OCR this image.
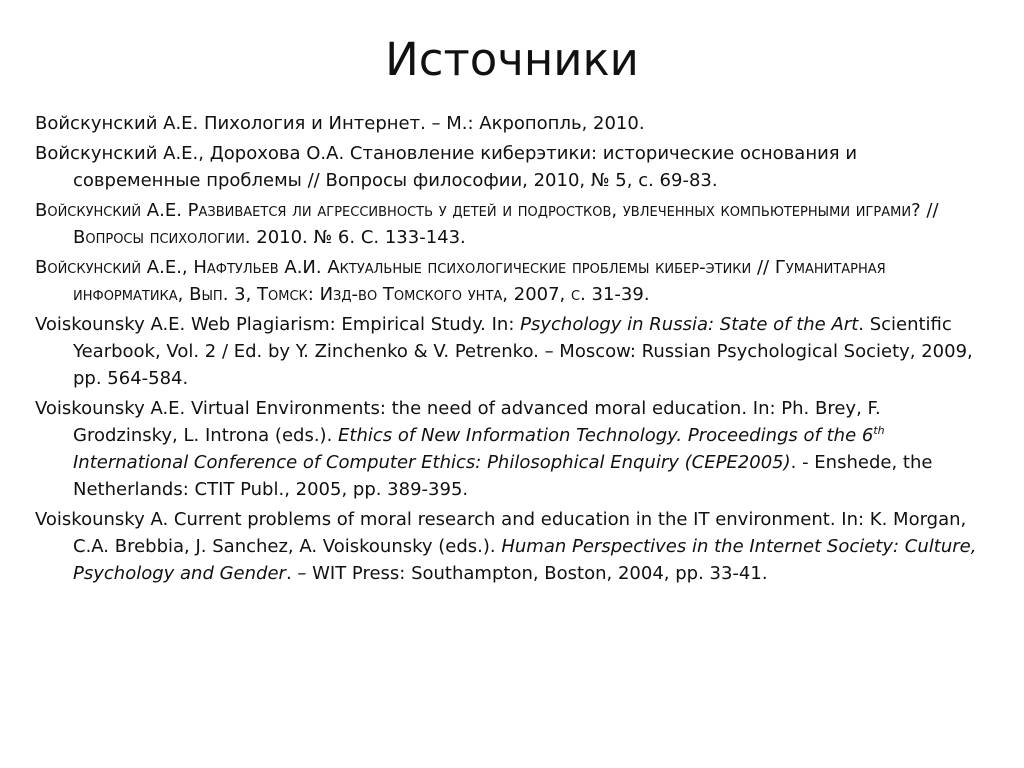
Источники
Войскунский А.Е. Пихология и Интернет. – М.: Акропопль, 2010.
Войскунский А.Е., Дорохова О.А. Становление киберэтики: исторические основания и современные проблемы // Вопросы философии, 2010, № 5, с. 69-83.
Войскунский А.Е. Развивается ли агрессивность у детей и подростков, увлеченных компьютерными играми? // Вопросы психологии. 2010. № 6. С. 133-143.
Войскунский А.Е., Нафтульев А.И. Актуальные психологические проблемы кибер-этики // Гуманитарная информатика, Вып. 3, Томск: Изд-во Томского унта, 2007, с. 31-39.
Voiskounsky A.E. Web Plagiarism: Empirical Study. In: Psychology in Russia: State of the Art. Scientific Yearbook, Vol. 2 / Ed. by Y. Zinchenko & V. Petrenko. – Moscow: Russian Psychological Society, 2009, pp. 564-584.
Voiskounsky A.E. Virtual Environments: the need of advanced moral education. In: Ph. Brey, F. Grodzinsky, L. Introna (eds.). Ethics of New Information Technology. Proceedings of the 6th International Conference of Computer Ethics: Philosophical Enquiry (CEPE2005). - Enshede, the Netherlands: CTIT Publ., 2005, pp. 389-395.
Voiskounsky A. Current problems of moral research and education in the IT environment. In: K. Morgan, C.A. Brebbia, J. Sanchez, A. Voiskounsky (eds.). Human Perspectives in the Internet Society: Culture, Psychology and Gender. – WIT Press: Southampton, Boston, 2004, pp. 33-41.
